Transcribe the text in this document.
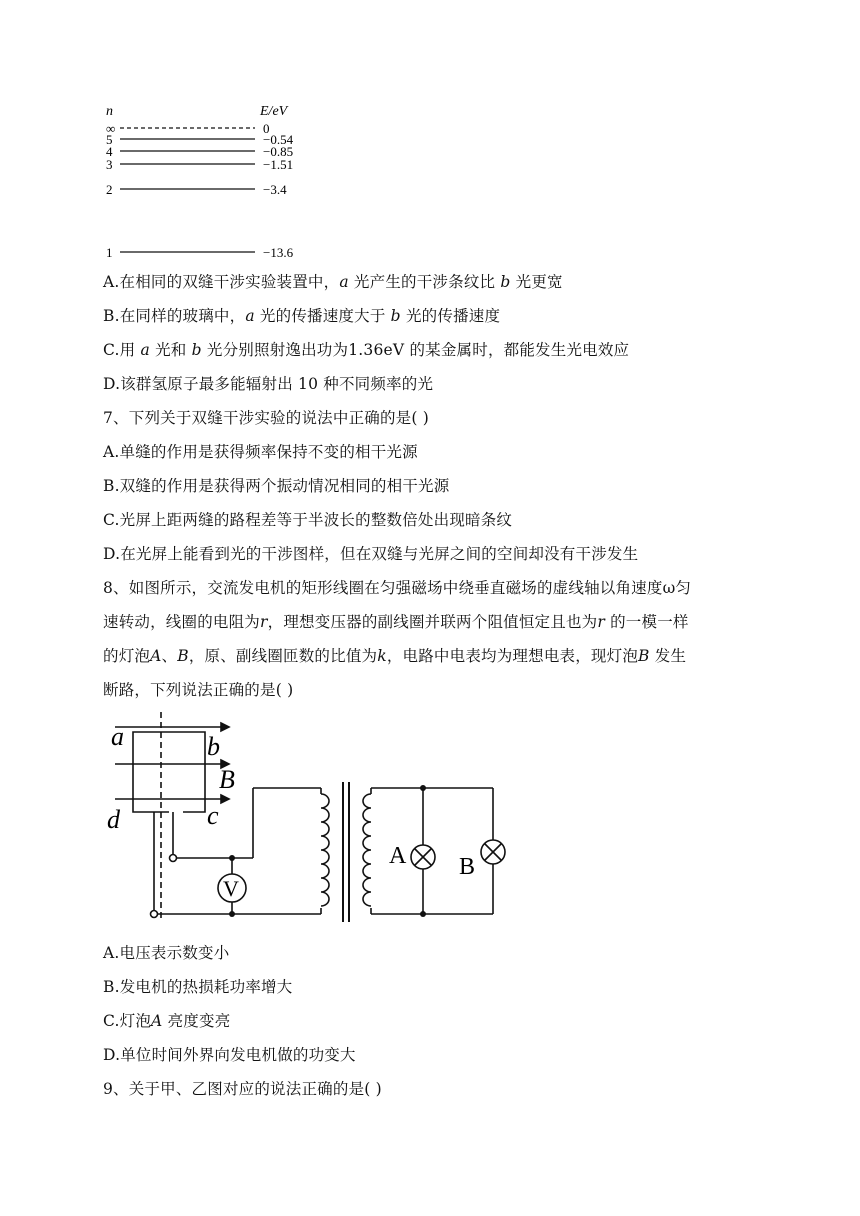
n	E/eV
∞	0
5	−0.54
4	−0.85
3	−1.51
2	−3.4
1	−13.6
A.在相同的双缝干涉实验装置中，a 光产生的干涉条纹比 b 光更宽
B.在同样的玻璃中，a 光的传播速度大于 b 光的传播速度
C.用 a 光和 b 光分别照射逸出功为1.36eV 的某金属时，都能发生光电效应
D.该群氢原子最多能辐射出 10 种不同频率的光
7、下列关于双缝干涉实验的说法中正确的是( )
A.单缝的作用是获得频率保持不变的相干光源
B.双缝的作用是获得两个振动情况相同的相干光源
C.光屏上距两缝的路程差等于半波长的整数倍处出现暗条纹
D.在光屏上能看到光的干涉图样，但在双缝与光屏之间的空间却没有干涉发生
8、如图所示，交流发电机的矩形线圈在匀强磁场中绕垂直磁场的虚线轴以角速度ω匀
速转动，线圈的电阻为r，理想变压器的副线圈并联两个阻值恒定且也为r 的一模一样
的灯泡A、B，原、副线圈匝数的比值为k，电路中电表均为理想电表，现灯泡B 发生
断路，下列说法正确的是( )
a	b
B
c
d
V
A B
A.电压表示数变小
B.发电机的热损耗功率增大
C.灯泡A 亮度变亮
D.单位时间外界向发电机做的功变大
9、关于甲、乙图对应的说法正确的是( )
